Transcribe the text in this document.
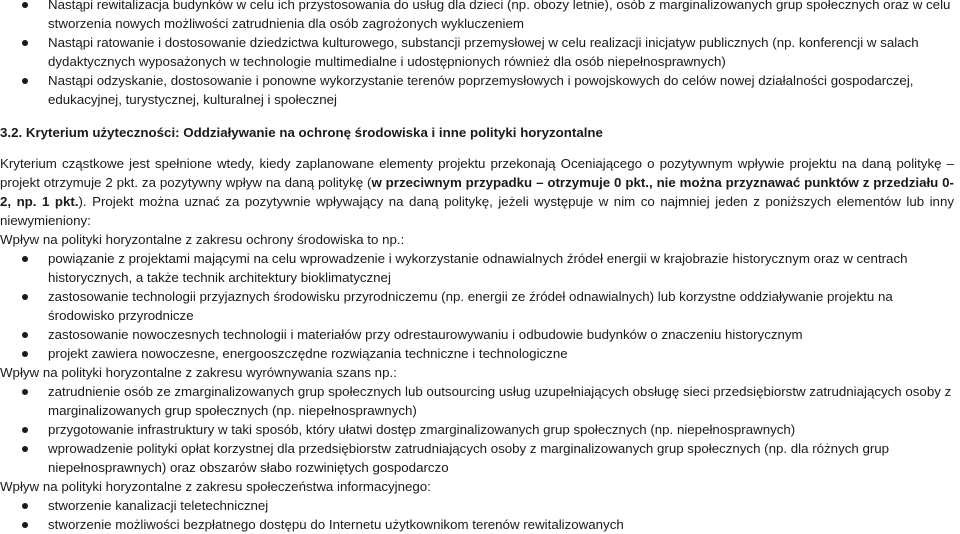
Nastąpi rewitalizacja budynków w celu ich przystosowania do usług dla dzieci (np. obozy letnie), osób z marginalizowanych grup społecznych oraz w celu stworzenia nowych możliwości zatrudnienia dla osób zagrożonych wykluczeniem
Nastąpi ratowanie i dostosowanie dziedzictwa kulturowego, substancji przemysłowej w celu realizacji inicjatyw publicznych (np. konferencji w salach dydaktycznych wyposażonych w technologie multimedialne i udostępnionych również dla osób niepełnosprawnych)
Nastąpi odzyskanie, dostosowanie i ponowne wykorzystanie terenów poprzemysłowych i powojskowych do celów nowej działalności gospodarczej, edukacyjnej, turystycznej, kulturalnej i społecznej
3.2. Kryterium użyteczności: Oddziaływanie na ochronę środowiska i inne polityki horyzontalne
Kryterium cząstkowe jest spełnione wtedy, kiedy zaplanowane elementy projektu przekonają Oceniającego o pozytywnym wpływie projektu na daną politykę – projekt otrzymuje 2 pkt. za pozytywny wpływ na daną politykę (w przeciwnym przypadku – otrzymuje 0 pkt., nie można przyznawać punktów z przedziału 0-2, np. 1 pkt.). Projekt można uznać za pozytywnie wpływający na daną politykę, jeżeli występuje w nim co najmniej jeden z poniższych elementów lub inny niewymieniony:
Wpływ na polityki horyzontalne z zakresu ochrony środowiska to np.:
powiązanie z projektami mającymi na celu wprowadzenie i wykorzystanie odnawialnych źródeł energii w krajobrazie historycznym oraz w centrach historycznych, a także technik architektury bioklimatycznej
zastosowanie technologii przyjaznych środowisku przyrodniczemu (np. energii ze źródeł odnawialnych) lub korzystne oddziaływanie projektu na środowisko przyrodnicze
zastosowanie nowoczesnych technologii i materiałów przy odrestaurowywaniu i odbudowie budynków o znaczeniu historycznym
projekt zawiera nowoczesne, energooszczędne rozwiązania techniczne i technologiczne
Wpływ na polityki horyzontalne z zakresu wyrównywania szans np.:
zatrudnienie osób ze zmarginalizowanych grup społecznych lub outsourcing usług uzupełniających obsługę sieci przedsiębiorstw zatrudniających osoby z marginalizowanych grup społecznych (np. niepełnosprawnych)
przygotowanie infrastruktury w taki sposób, który ułatwi dostęp zmarginalizowanych grup społecznych (np. niepełnosprawnych)
wprowadzenie polityki opłat korzystnej dla przedsiębiorstw zatrudniających osoby z marginalizowanych grup społecznych (np. dla różnych grup niepełnosprawnych) oraz obszarów słabo rozwiniętych gospodarczo
Wpływ na polityki horyzontalne z zakresu społeczeństwa informacyjnego:
stworzenie kanalizacji teletechnicznej
stworzenie możliwości bezpłatnego dostępu do Internetu użytkownikom terenów rewitalizowanych
